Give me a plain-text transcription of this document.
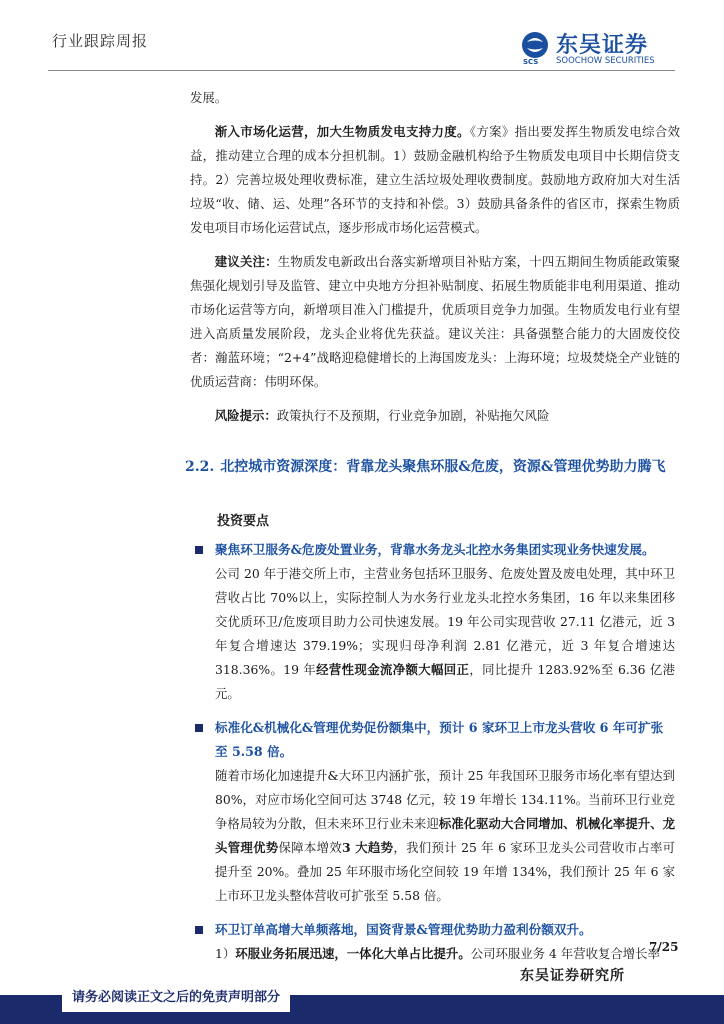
行业跟踪周报
SCS
东吴证券
SOOCHOW SECURITIES

发展。

渐入市场化运营，加大生物质发电支持力度。《方案》指出要发挥生物质发电综合效益，推动建立合理的成本分担机制。1）鼓励金融机构给予生物质发电项目中长期信贷支持。2）完善垃圾处理收费标准，建立生活垃圾处理收费制度。鼓励地方政府加大对生活垃圾“收、储、运、处理”各环节的支持和补偿。3）鼓励具备条件的省区市，探索生物质发电项目市场化运营试点，逐步形成市场化运营模式。

建议关注：生物质发电新政出台落实新增项目补贴方案，十四五期间生物质能政策聚焦强化规划引导及监管、建立中央地方分担补贴制度、拓展生物质能非电利用渠道、推动市场化运营等方向，新增项目准入门槛提升，优质项目竞争力加强。生物质发电行业有望进入高质量发展阶段，龙头企业将优先获益。建议关注：具备强整合能力的大固废佼佼者：瀚蓝环境；“2+4”战略迎稳健增长的上海国废龙头：上海环境；垃圾焚烧全产业链的优质运营商：伟明环保。

风险提示：政策执行不及预期，行业竞争加剧，补贴拖欠风险

2.2. 北控城市资源深度：背靠龙头聚焦环服&危废，资源&管理优势助力腾飞
投资要点
聚焦环卫服务&危废处置业务，背靠水务龙头北控水务集团实现业务快速发展。
公司 20 年于港交所上市，主营业务包括环卫服务、危废处置及废电处理，其中环卫营收占比 70%以上，实际控制人为水务行业龙头北控水务集团，16 年以来集团移交优质环卫/危废项目助力公司快速发展。19 年公司实现营收 27.11 亿港元，近 3 年复合增速达 379.19%；实现归母净利润 2.81 亿港元，近 3 年复合增速达 318.36%。19 年经营性现金流净额大幅回正，同比提升 1283.92%至 6.36 亿港元。
标准化&机械化&管理优势促份额集中，预计 6 家环卫上市龙头营收 6 年可扩张至 5.58 倍。
随着市场化加速提升&大环卫内涵扩张，预计 25 年我国环卫服务市场化率有望达到 80%，对应市场化空间可达 3748 亿元，较 19 年增长 134.11%。当前环卫行业竞争格局较为分散，但未来环卫行业未来迎标准化驱动大合同增加、机械化率提升、龙头管理优势保障本增效3 大趋势，我们预计 25 年 6 家环卫龙头公司营收市占率可提升至 20%。叠加 25 年环服市场化空间较 19 年增 134%，我们预计 25 年 6 家上市环卫龙头整体营收可扩张至 5.58 倍。
环卫订单高增大单频落地，国资背景&管理优势助力盈利份额双升。
1）环服业务拓展迅速，一体化大单占比提升。公司环服业务 4 年营收复合增长率
7/25
东吴证券研究所
请务必阅读正文之后的免责声明部分
